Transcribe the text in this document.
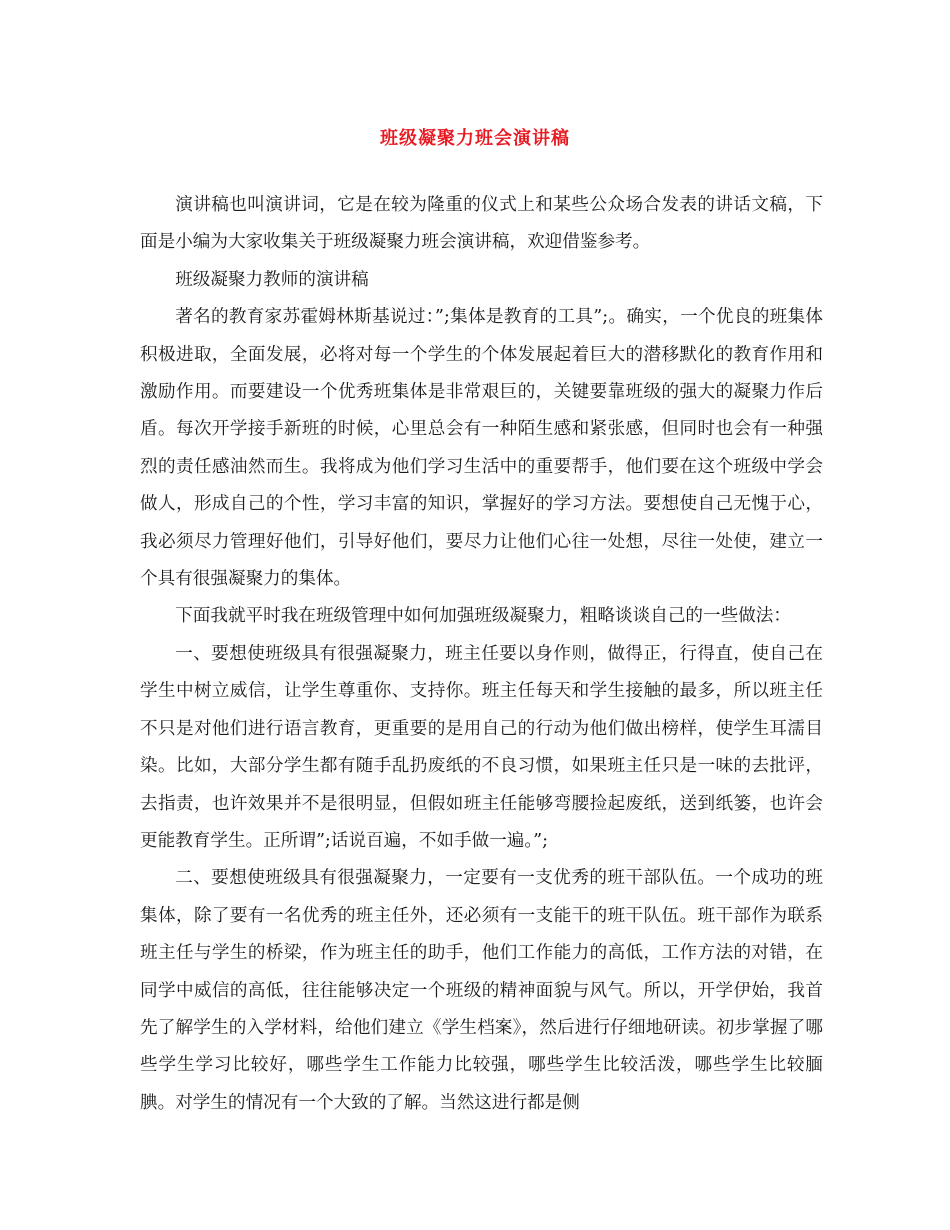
班级凝聚力班会演讲稿

演讲稿也叫演讲词，它是在较为隆重的仪式上和某些公众场合发表的讲话文稿，下面是小编为大家收集关于班级凝聚力班会演讲稿，欢迎借鉴参考。

班级凝聚力教师的演讲稿

著名的教育家苏霍姆林斯基说过：”;集体是教育的工具”;。确实，一个优良的班集体积极进取，全面发展，必将对每一个学生的个体发展起着巨大的潜移默化的教育作用和激励作用。而要建设一个优秀班集体是非常艰巨的，关键要靠班级的强大的凝聚力作后盾。每次开学接手新班的时候，心里总会有一种陌生感和紧张感，但同时也会有一种强烈的责任感油然而生。我将成为他们学习生活中的重要帮手，他们要在这个班级中学会做人，形成自己的个性，学习丰富的知识，掌握好的学习方法。要想使自己无愧于心，我必须尽力管理好他们，引导好他们，要尽力让他们心往一处想，尽往一处使，建立一个具有很强凝聚力的集体。

下面我就平时我在班级管理中如何加强班级凝聚力，粗略谈谈自己的一些做法：

一、要想使班级具有很强凝聚力，班主任要以身作则，做得正，行得直，使自己在学生中树立威信，让学生尊重你、支持你。班主任每天和学生接触的最多，所以班主任不只是对他们进行语言教育，更重要的是用自己的行动为他们做出榜样，使学生耳濡目染。比如，大部分学生都有随手乱扔废纸的不良习惯，如果班主任只是一味的去批评，去指责，也许效果并不是很明显，但假如班主任能够弯腰捡起废纸，送到纸篓，也许会更能教育学生。正所谓”;话说百遍，不如手做一遍。”;

二、要想使班级具有很强凝聚力，一定要有一支优秀的班干部队伍。一个成功的班集体，除了要有一名优秀的班主任外，还必须有一支能干的班干队伍。班干部作为联系班主任与学生的桥梁，作为班主任的助手，他们工作能力的高低，工作方法的对错，在同学中威信的高低，往往能够决定一个班级的精神面貌与风气。所以，开学伊始，我首先了解学生的入学材料，给他们建立《学生档案》，然后进行仔细地研读。初步掌握了哪些学生学习比较好，哪些学生工作能力比较强，哪些学生比较活泼，哪些学生比较腼腆。对学生的情况有一个大致的了解。当然这进行都是侧
